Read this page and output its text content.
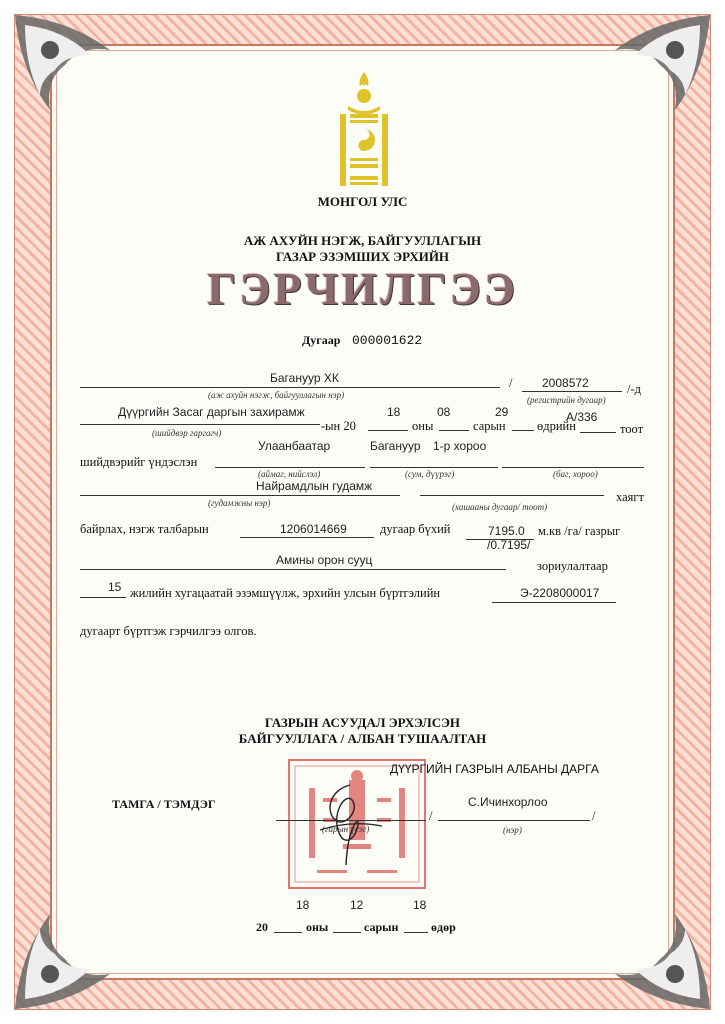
МОНГОЛ УЛС
АЖ АХУЙН НЭГЖ, БАЙГУУЛЛАГЫН
ГАЗАР ЭЗЭМШИХ ЭРХИЙН
ГЭРЧИЛГЭЭ
Дугаар 000001622
Багануур ХК
(аж ахуйн нэгж, байгууллагын нэр)
/ 2008572
(регистрийн дугаар)
/-д
Дүүргийн Засаг даргын захирамж
(шийдвэр гаргагч)	-ын 20
18
оны
08
сарын
29
өдрийн
А/336
тоот
шийдвэрийг үндэслэн
Улаанбаатар
(аймаг, нийслэл)
Багануур
(сум, дүүрэг)
1-р хороо
(баг, хороо)
Найрамдлын гудамж
(гудамжны нэр)	(хашааны дугаар/ тоот)
хаягт
байрлах, нэгж талбарын	1206014669	дугаар бүхий	7195.0 м.кв /га/ газрыг
/0.7195/
Амины орон сууц	зориулалтаар
15 жилийн хугацаатай эзэмшүүлж, эрхийн улсын бүртгэлийн	Э-2208000017
дугаарт бүртгэж гэрчилгээ олгов.
ГАЗРЫН АСУУДАЛ ЭРХЭЛСЭН
БАЙГУУЛЛАГА / АЛБАН ТУШААЛТАН
ДҮҮРГИЙН ГАЗРЫН АЛБАНЫ ДАРГА
ТАМГА / ТЭМДЭГ
(гарын үсэг)
/
С.Ичинхорлоо
/
(нэр)
18	12	18
20	оны	сарын	өдөр
